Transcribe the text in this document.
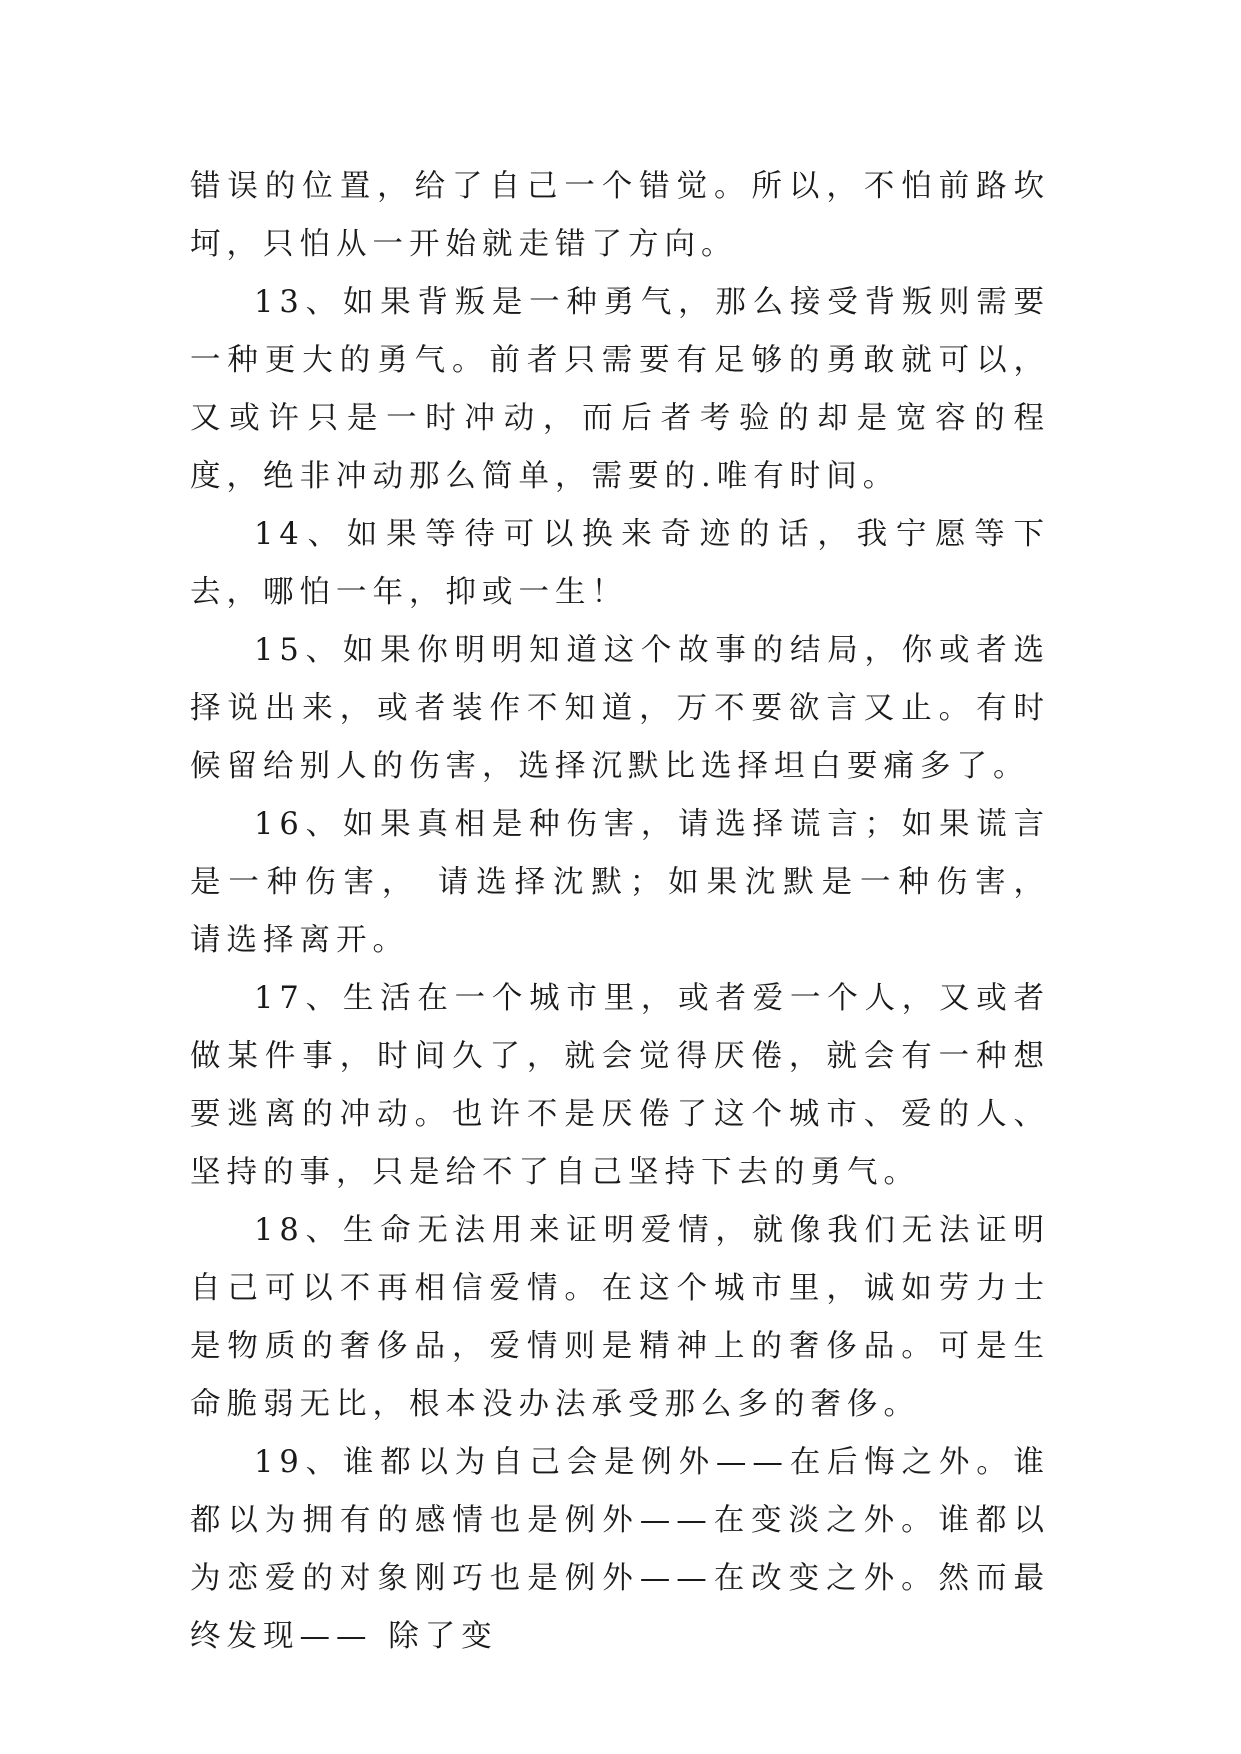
错误的位置，给了自己一个错觉。所以，不怕前路坎坷，只怕从一开始就走错了方向。

13、如果背叛是一种勇气，那么接受背叛则需要一种更大的勇气。前者只需要有足够的勇敢就可以，又或许只是一时冲动，而后者考验的却是宽容的程度，绝非冲动那么简单，需要的.唯有时间。

14、如果等待可以换来奇迹的话，我宁愿等下去，哪怕一年，抑或一生！

15、如果你明明知道这个故事的结局，你或者选择说出来，或者装作不知道，万不要欲言又止。有时候留给别人的伤害，选择沉默比选择坦白要痛多了。

16、如果真相是种伤害，请选择谎言；如果谎言是一种伤害， 请选择沈默；如果沈默是一种伤害， 请选择离开。

17、生活在一个城市里，或者爱一个人，又或者做某件事，时间久了，就会觉得厌倦，就会有一种想要逃离的冲动。也许不是厌倦了这个城市、爱的人、坚持的事，只是给不了自己坚持下去的勇气。

18、生命无法用来证明爱情，就像我们无法证明自己可以不再相信爱情。在这个城市里，诚如劳力士是物质的奢侈品，爱情则是精神上的奢侈品。可是生命脆弱无比，根本没办法承受那么多的奢侈。

19、谁都以为自己会是例外——在后悔之外。谁都以为拥有的感情也是例外——在变淡之外。谁都以为恋爱的对象刚巧也是例外——在改变之外。然而最终发现—— 除了变
